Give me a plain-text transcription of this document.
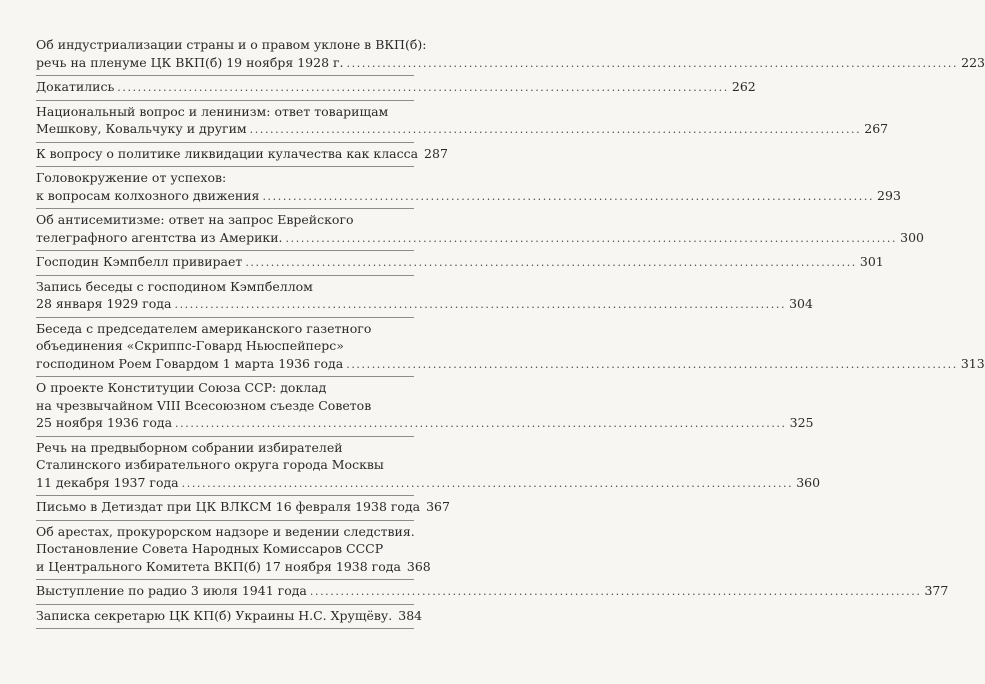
Об индустриализации страны и о правом уклоне в ВКП(б):
речь на пленуме ЦК ВКП(б) 19 ноября 1928 г. ........................................................................................................................ 223
Докатились ........................................................................................................................ 262
Национальный вопрос и ленинизм: ответ товарищам
Мешкову, Ковальчуку и другим ........................................................................................................................ 267
К вопросу о политике ликвидации кулачества как класса 287
Головокружение от успехов:
к вопросам колхозного движения ........................................................................................................................ 293
Об антисемитизме: ответ на запрос Еврейского
телеграфного агентства из Америки. ........................................................................................................................ 300
Господин Кэмпбелл привирает ........................................................................................................................ 301
Запись беседы с господином Кэмпбеллом
28 января 1929 года ........................................................................................................................ 304
Беседа с председателем американского газетного
объединения «Скриппс-Говард Ньюспейперс»
господином Роем Говардом 1 марта 1936 года ........................................................................................................................ 313
О проекте Конституции Союза ССР: доклад
на чрезвычайном VIII Всесоюзном съезде Советов
25 ноября 1936 года ........................................................................................................................ 325
Речь на предвыборном собрании избирателей
Сталинского избирательного округа города Москвы
11 декабря 1937 года ........................................................................................................................ 360
Письмо в Детиздат при ЦК ВЛКСМ 16 февраля 1938 года 367
Об арестах, прокурорском надзоре и ведении следствия.
Постановление Совета Народных Комиссаров СССР
и Центрального Комитета ВКП(б) 17 ноября 1938 года 368
Выступление по радио 3 июля 1941 года ........................................................................................................................ 377
Записка секретарю ЦК КП(б) Украины Н.С. Хрущёву. 384
